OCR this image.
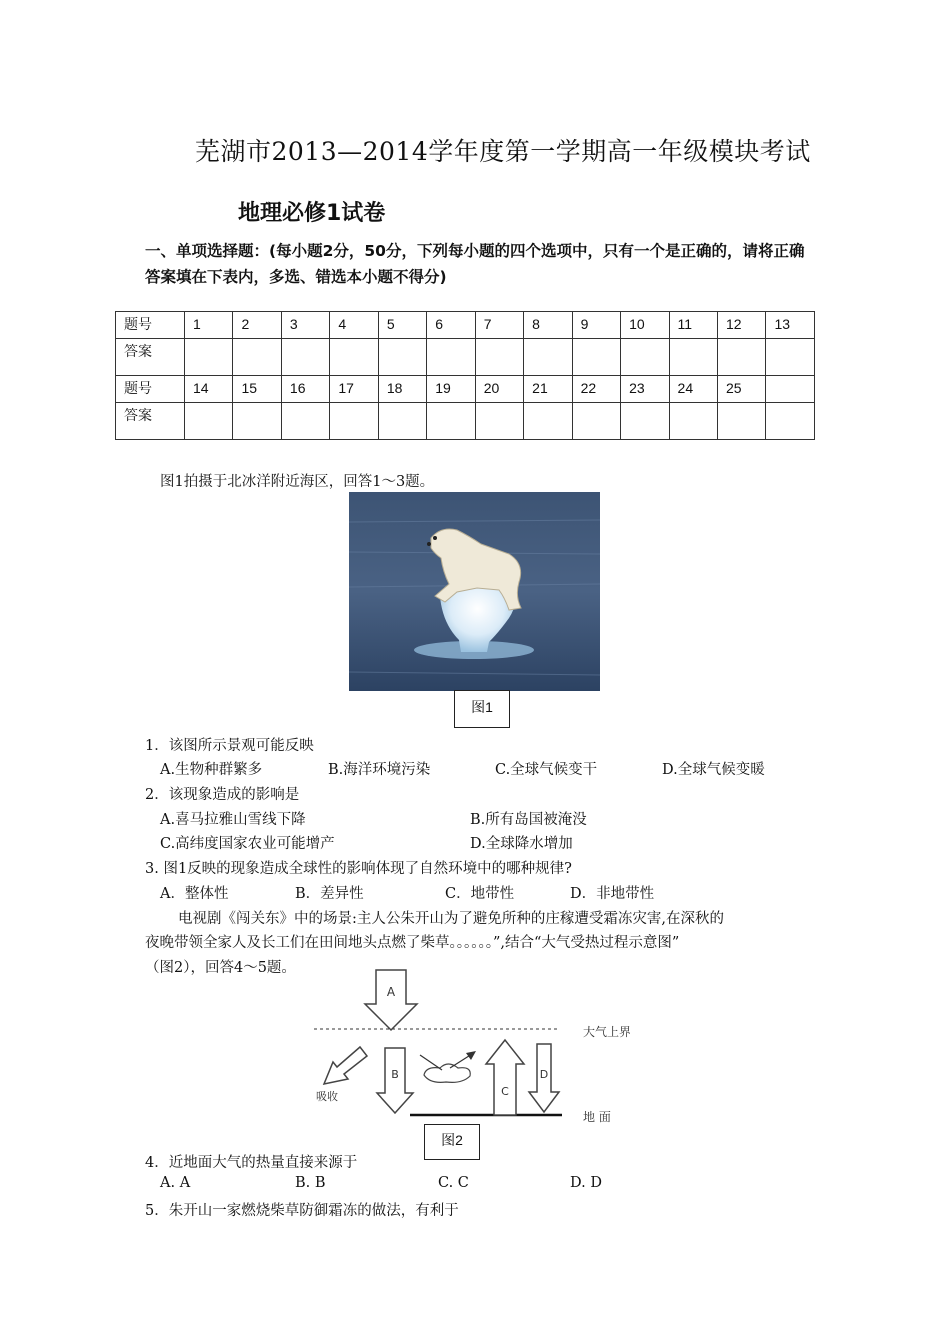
芜湖市2013—2014学年度第一学期高一年级模块考试
地理必修1试卷
一、单项选择题：(每小题2分，50分，下列每小题的四个选项中，只有一个是正确的，请将正确答案填在下表内，多选、错选本小题不得分)
题号	1	2	3	4	5	6	7	8	9	10	11	12	13
答案													
题号	14	15	16	17	18	19	20	21	22	23	24	25	
答案													
图1拍摄于北冰洋附近海区，回答1～3题。
图1
1．该图所示景观可能反映
A.生物种群繁多	B.海洋环境污染	C.全球气候变干	D.全球气候变暖
2．该现象造成的影响是
A.喜马拉雅山雪线下降	B.所有岛国被淹没
C.高纬度国家农业可能增产	D.全球降水增加
3. 图1反映的现象造成全球性的影响体现了自然环境中的哪种规律?
A．整体性	B．差异性	C．地带性	D．非地带性
电视剧《闯关东》中的场景:主人公朱开山为了避免所种的庄稼遭受霜冻灾害,在深秋的
夜晚带领全家人及长工们在田间地头点燃了柴草。。。。。。”,结合“大气受热过程示意图”
（图2），回答4～5题。
A
B
吸收	C
D
大气上界
地 面
图2
4．近地面大气的热量直接来源于
A. A	B. B	C. C	D. D
5．朱开山一家燃烧柴草防御霜冻的做法，有利于
